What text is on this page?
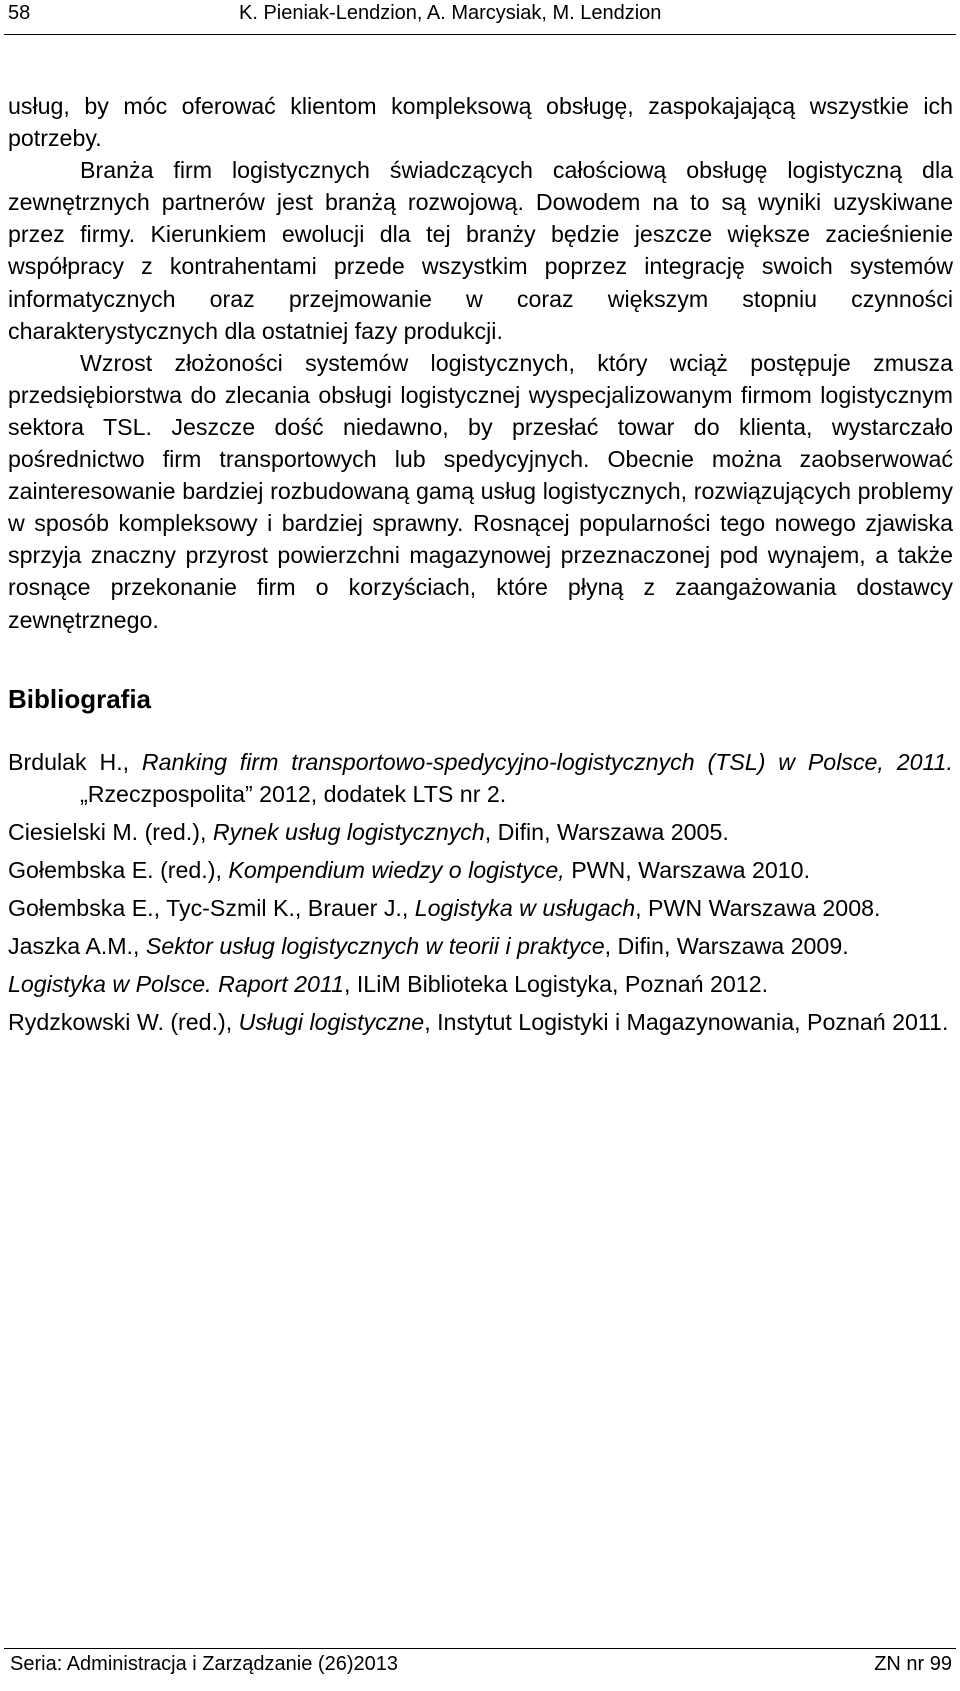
58	K. Pieniak-Lendzion, A. Marcysiak, M. Lendzion

usług, by móc oferować klientom kompleksową obsługę, zaspokajającą wszystkie ich potrzeby.

Branża firm logistycznych świadczących całościową obsługę logistyczną dla zewnętrznych partnerów jest branżą rozwojową. Dowodem na to są wyniki uzyskiwane przez firmy. Kierunkiem ewolucji dla tej branży będzie jeszcze większe zacieśnienie współpracy z kontrahentami przede wszystkim poprzez integrację swoich systemów informatycznych oraz przejmowanie w coraz większym stopniu czynności charakterystycznych dla ostatniej fazy produkcji.

Wzrost złożoności systemów logistycznych, który wciąż postępuje zmusza przedsiębiorstwa do zlecania obsługi logistycznej wyspecjalizowanym firmom logistycznym sektora TSL. Jeszcze dość niedawno, by przesłać towar do klienta, wystarczało pośrednictwo firm transportowych lub spedycyjnych. Obecnie można zaobserwować zainteresowanie bardziej rozbudowaną gamą usług logistycznych, rozwiązujących problemy w sposób kompleksowy i bardziej sprawny. Rosnącej popularności tego nowego zjawiska sprzyja znaczny przyrost powierzchni magazynowej przeznaczonej pod wynajem, a także rosnące przekonanie firm o korzyściach, które płyną z zaangażowania dostawcy zewnętrznego.

Bibliografia
Brdulak H., Ranking firm transportowo-spedycyjno-logistycznych (TSL) w Polsce, 2011. „Rzeczpospolita” 2012, dodatek LTS nr 2.
Ciesielski M. (red.), Rynek usług logistycznych, Difin, Warszawa 2005.
Gołembska E. (red.), Kompendium wiedzy o logistyce, PWN, Warszawa 2010.
Gołembska E., Tyc-Szmil K., Brauer J., Logistyka w usługach, PWN Warszawa 2008.
Jaszka A.M., Sektor usług logistycznych w teorii i praktyce, Difin, Warszawa 2009.
Logistyka w Polsce. Raport 2011, ILiM Biblioteka Logistyka, Poznań 2012.
Rydzkowski W. (red.), Usługi logistyczne, Instytut Logistyki i Magazynowania, Poznań 2011.
Seria: Administracja i Zarządzanie (26)2013	ZN nr 99
